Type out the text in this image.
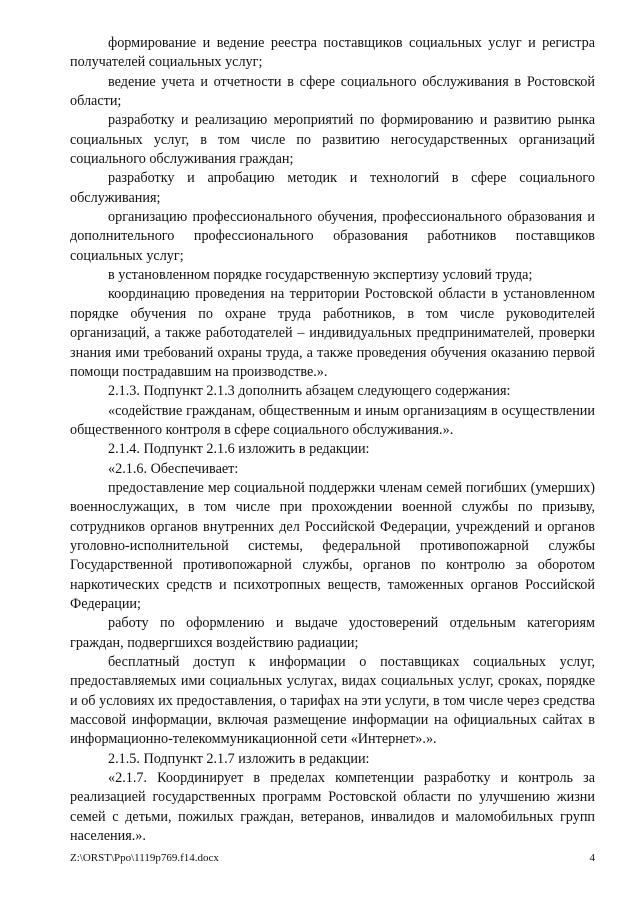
формирование и ведение реестра поставщиков социальных услуг и регистра получателей социальных услуг;

ведение учета и отчетности в сфере социального обслуживания в Ростовской области;

разработку и реализацию мероприятий по формированию и развитию рынка социальных услуг, в том числе по развитию негосударственных организаций социального обслуживания граждан;

разработку и апробацию методик и технологий в сфере социального обслуживания;

организацию профессионального обучения, профессионального образования и дополнительного профессионального образования работников поставщиков социальных услуг;

в установленном порядке государственную экспертизу условий труда;

координацию проведения на территории Ростовской области в установленном порядке обучения по охране труда работников, в том числе руководителей организаций, а также работодателей – индивидуальных предпринимателей, проверки знания ими требований охраны труда, а также проведения обучения оказанию первой помощи пострадавшим на производстве.».

2.1.3. Подпункт 2.1.3 дополнить абзацем следующего содержания:

«содействие гражданам, общественным и иным организациям в осуществлении общественного контроля в сфере социального обслуживания.».

2.1.4. Подпункт 2.1.6 изложить в редакции:

«2.1.6. Обеспечивает:

предоставление мер социальной поддержки членам семей погибших (умерших) военнослужащих, в том числе при прохождении военной службы по призыву, сотрудников органов внутренних дел Российской Федерации, учреждений и органов уголовно-исполнительной системы, федеральной противопожарной службы Государственной противопожарной службы, органов по контролю за оборотом наркотических средств и психотропных веществ, таможенных органов Российской Федерации;

работу по оформлению и выдаче удостоверений отдельным категориям граждан, подвергшихся воздействию радиации;

бесплатный доступ к информации о поставщиках социальных услуг, предоставляемых ими социальных услугах, видах социальных услуг, сроках, порядке и об условиях их предоставления, о тарифах на эти услуги, в том числе через средства массовой информации, включая размещение информации на официальных сайтах в информационно-телекоммуникационной сети «Интернет».».

2.1.5. Подпункт 2.1.7 изложить в редакции:

«2.1.7. Координирует в пределах компетенции разработку и контроль за реализацией государственных программ Ростовской области по улучшению жизни семей с детьми, пожилых граждан, ветеранов, инвалидов и маломобильных групп населения.».

Z:\ORST\Ppo\1119p769.f14.docx	4
